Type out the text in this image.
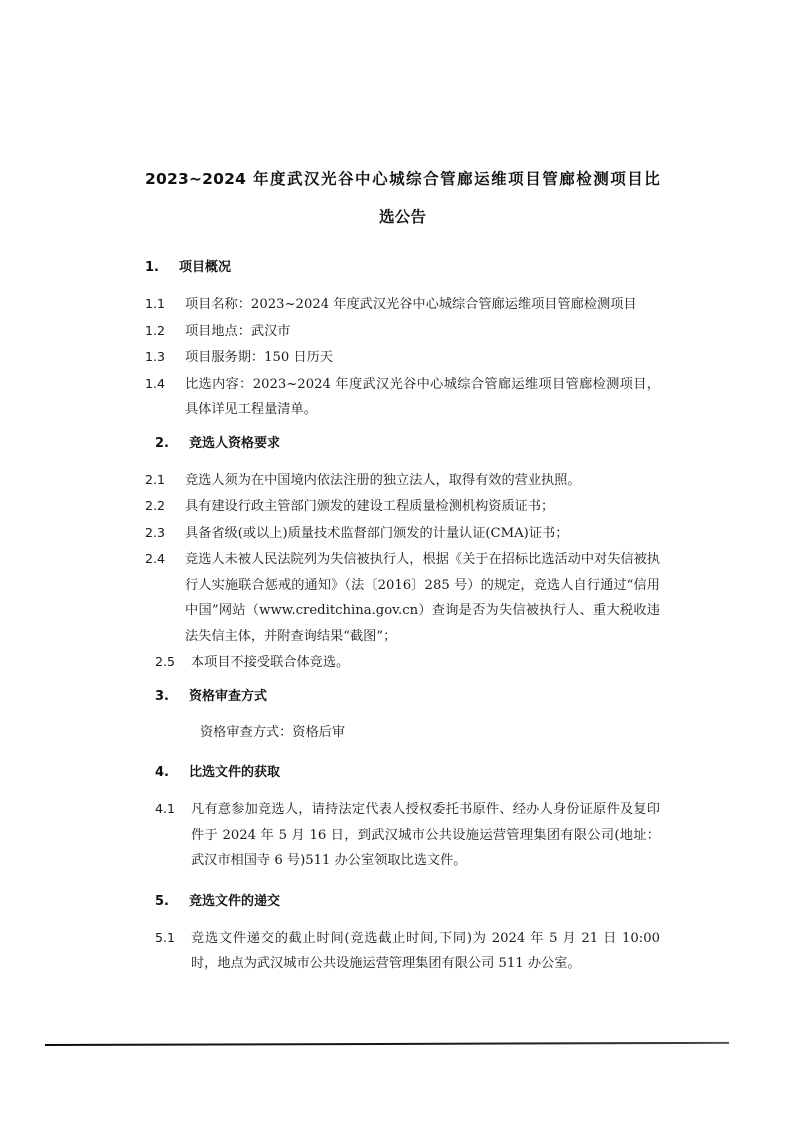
2023~2024 年度武汉光谷中心城综合管廊运维项目管廊检测项目比
选公告
1.	项目概况
1.1	项目名称：2023~2024 年度武汉光谷中心城综合管廊运维项目管廊检测项目
1.2	项目地点：武汉市
1.3	项目服务期：150 日历天
1.4	比选内容：2023~2024 年度武汉光谷中心城综合管廊运维项目管廊检测项目，具体详见工程量清单。
2.	竞选人资格要求
2.1	竞选人须为在中国境内依法注册的独立法人，取得有效的营业执照。
2.2	具有建设行政主管部门颁发的建设工程质量检测机构资质证书；
2.3	具备省级(或以上)质量技术监督部门颁发的计量认证(CMA)证书；
2.4	竞选人未被人民法院列为失信被执行人，根据《关于在招标比选活动中对失信被执行人实施联合惩戒的通知》（法〔2016〕285 号）的规定，竞选人自行通过“信用中国”网站（www.creditchina.gov.cn）查询是否为失信被执行人、重大税收违法失信主体，并附查询结果“截图”；
2.5	本项目不接受联合体竞选。
3.	资格审查方式
资格审查方式：资格后审
4.	比选文件的获取
4.1	凡有意参加竞选人，请持法定代表人授权委托书原件、经办人身份证原件及复印件于 2024 年 5 月 16 日，到武汉城市公共设施运营管理集团有限公司(地址：武汉市相国寺 6 号)511 办公室领取比选文件。
5.	竞选文件的递交
5.1	竞选文件递交的截止时间(竞选截止时间,下同)为 2024 年 5 月 21 日 10:00 时，地点为武汉城市公共设施运营管理集团有限公司 511 办公室。
